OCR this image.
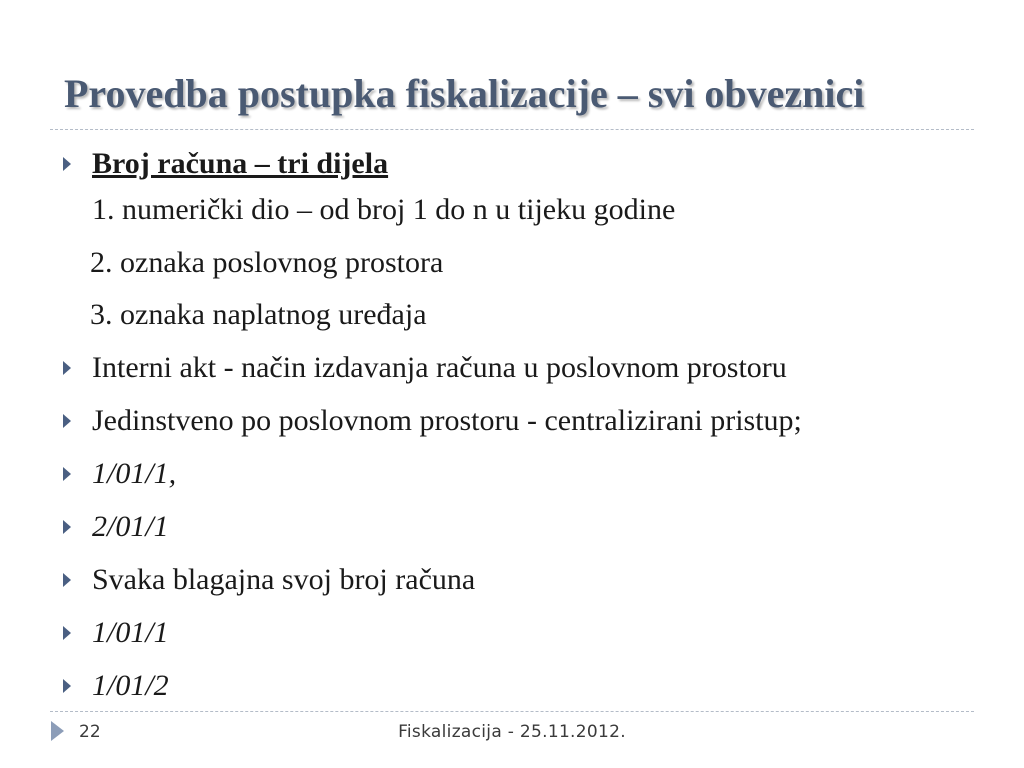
Provedba postupka fiskalizacije – svi obveznici
Broj računa – tri dijela
1. numerički dio – od broj 1 do n u tijeku godine
2. oznaka poslovnog prostora
3. oznaka naplatnog uređaja
Interni akt - način izdavanja računa u poslovnom prostoru
Jedinstveno po poslovnom prostoru - centralizirani pristup;
1/01/1,
2/01/1
Svaka blagajna svoj broj računa
1/01/1
1/01/2
22	Fiskalizacija - 25.11.2012.
